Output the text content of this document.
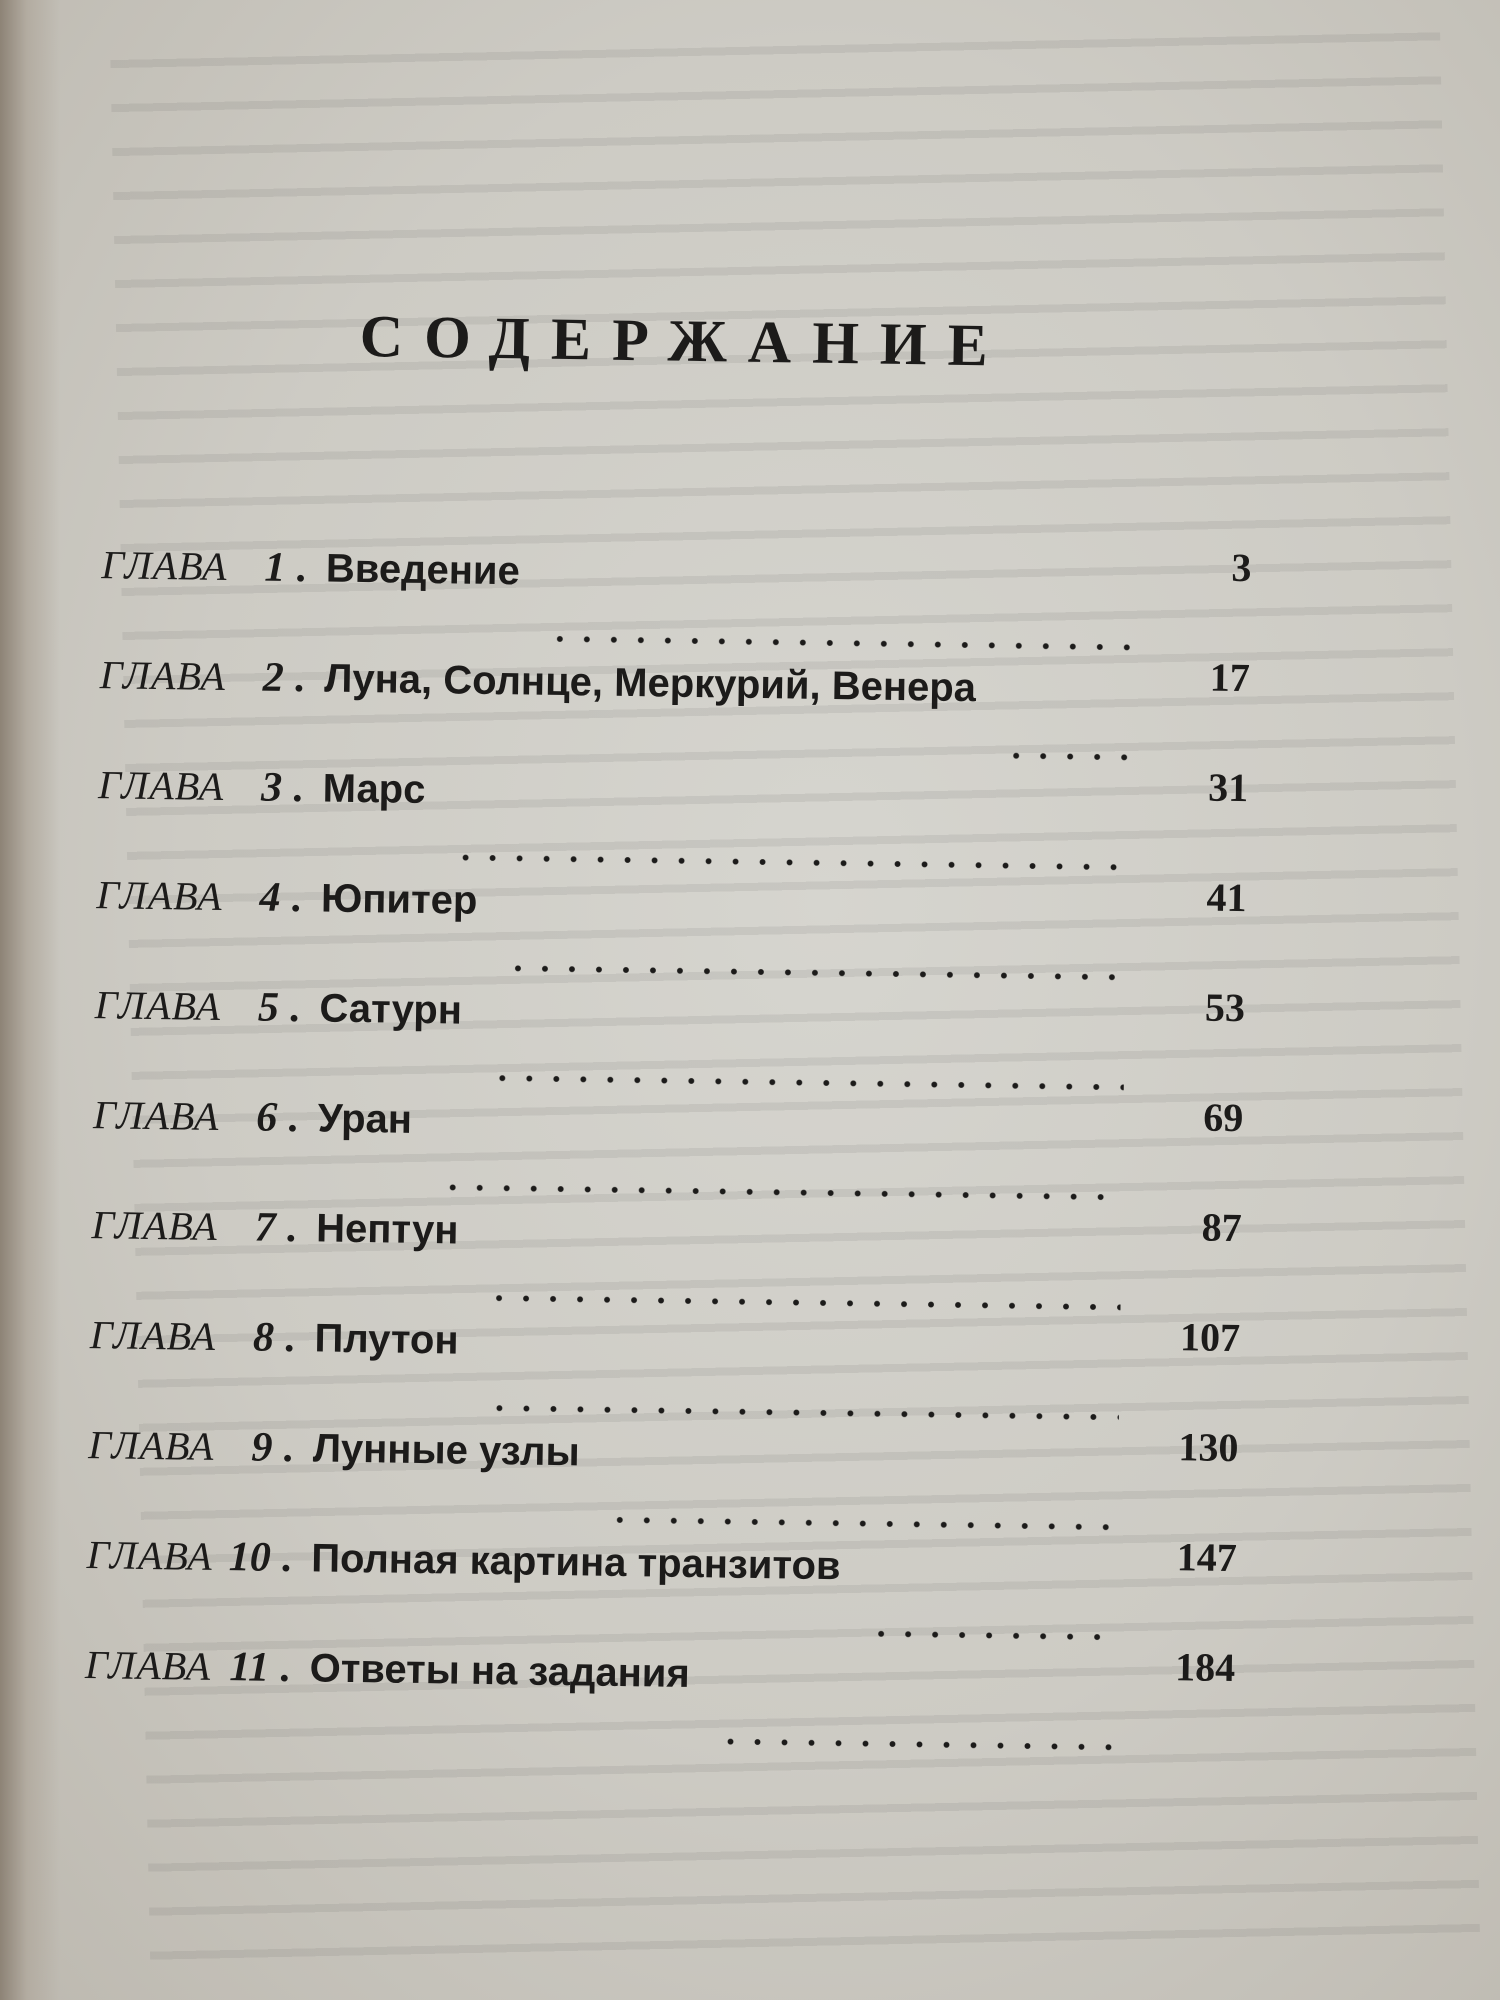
СОДЕРЖАНИЕ
ГЛАВА 1 . Введение	3
ГЛАВА 2 . Луна, Солнце, Меркурий, Венера	17
ГЛАВА 3 . Марс	31
ГЛАВА 4 . Юпитер	41
ГЛАВА 5 . Сатурн	53
ГЛАВА 6 . Уран	69
ГЛАВА 7 . Нептун	87
ГЛАВА 8 . Плутон	107
ГЛАВА 9 . Лунные узлы	130
ГЛАВА 10 . Полная картина транзитов	147
ГЛАВА 11 . Ответы на задания	184
